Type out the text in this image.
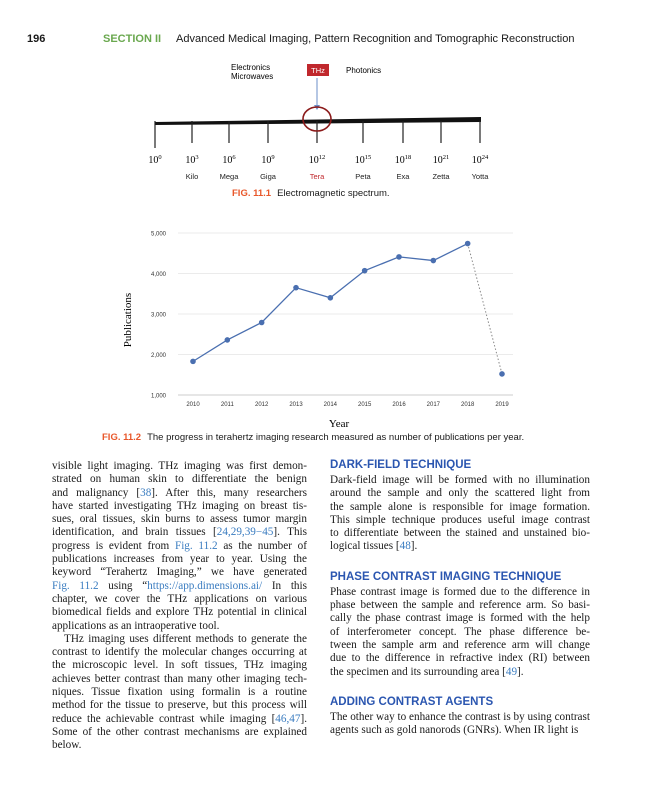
196	SECTION II Advanced Medical Imaging, Pattern Recognition and Tomographic Reconstruction
Electronics
Microwaves
THz	Photonics
$10^0$ $10^3$
Kilo
$10^6$
Mega
$10^9$
Giga
$10^{12}$
Tera
$10^{15}$
Peta
$10^{18}$
Exa
$10^{21}$
Zetta
$10^{24}$
Yotta
FIG. 11.1 Electromagnetic spectrum.
1,000
2,000
3,000
4,000
5,000
2010	2011	2012	2013	2014	2015	2016	2017	2018	2019
Publications
Year
FIG. 11.2 The progress in terahertz imaging research measured as number of publications per year.
visible light imaging. THz imaging was first demon-
strated on human skin to differentiate the benign
and malignancy [38]. After this, many researchers
have started investigating THz imaging on breast tis-
sues, oral tissues, skin burns to assess tumor margin
identification, and brain tissues [24,29,39−45]. This
progress is evident from Fig. 11.2 as the number of
publications increases from year to year. Using the
keyword “Terahertz Imaging,” we have generated
Fig. 11.2 using “https://app.dimensions.ai/ In this
chapter, we cover the THz applications on various
biomedical fields and explore THz potential in clinical
applications as an intraoperative tool.
THz imaging uses different methods to generate the
contrast to identify the molecular changes occurring at
the microscopic level. In soft tissues, THz imaging
achieves better contrast than many other imaging tech-
niques. Tissue fixation using formalin is a routine
method for the tissue to preserve, but this process will
reduce the achievable contrast while imaging [46,47].
Some of the other contrast mechanisms are explained
below.
DARK-FIELD TECHNIQUE
Dark-field image will be formed with no illumination
around the sample and only the scattered light from
the sample alone is responsible for image formation.
This simple technique produces useful image contrast
to differentiate between the stained and unstained bio-
logical tissues [48].
PHASE CONTRAST IMAGING TECHNIQUE
Phase contrast image is formed due to the difference in
phase between the sample and reference arm. So basi-
cally the phase contrast image is formed with the help
of interferometer concept. The phase difference be-
tween the sample arm and reference arm will change
due to the difference in refractive index (RI) between
the specimen and its surrounding area [49].
ADDING CONTRAST AGENTS
The other way to enhance the contrast is by using contrast
agents such as gold nanorods (GNRs). When IR light is
